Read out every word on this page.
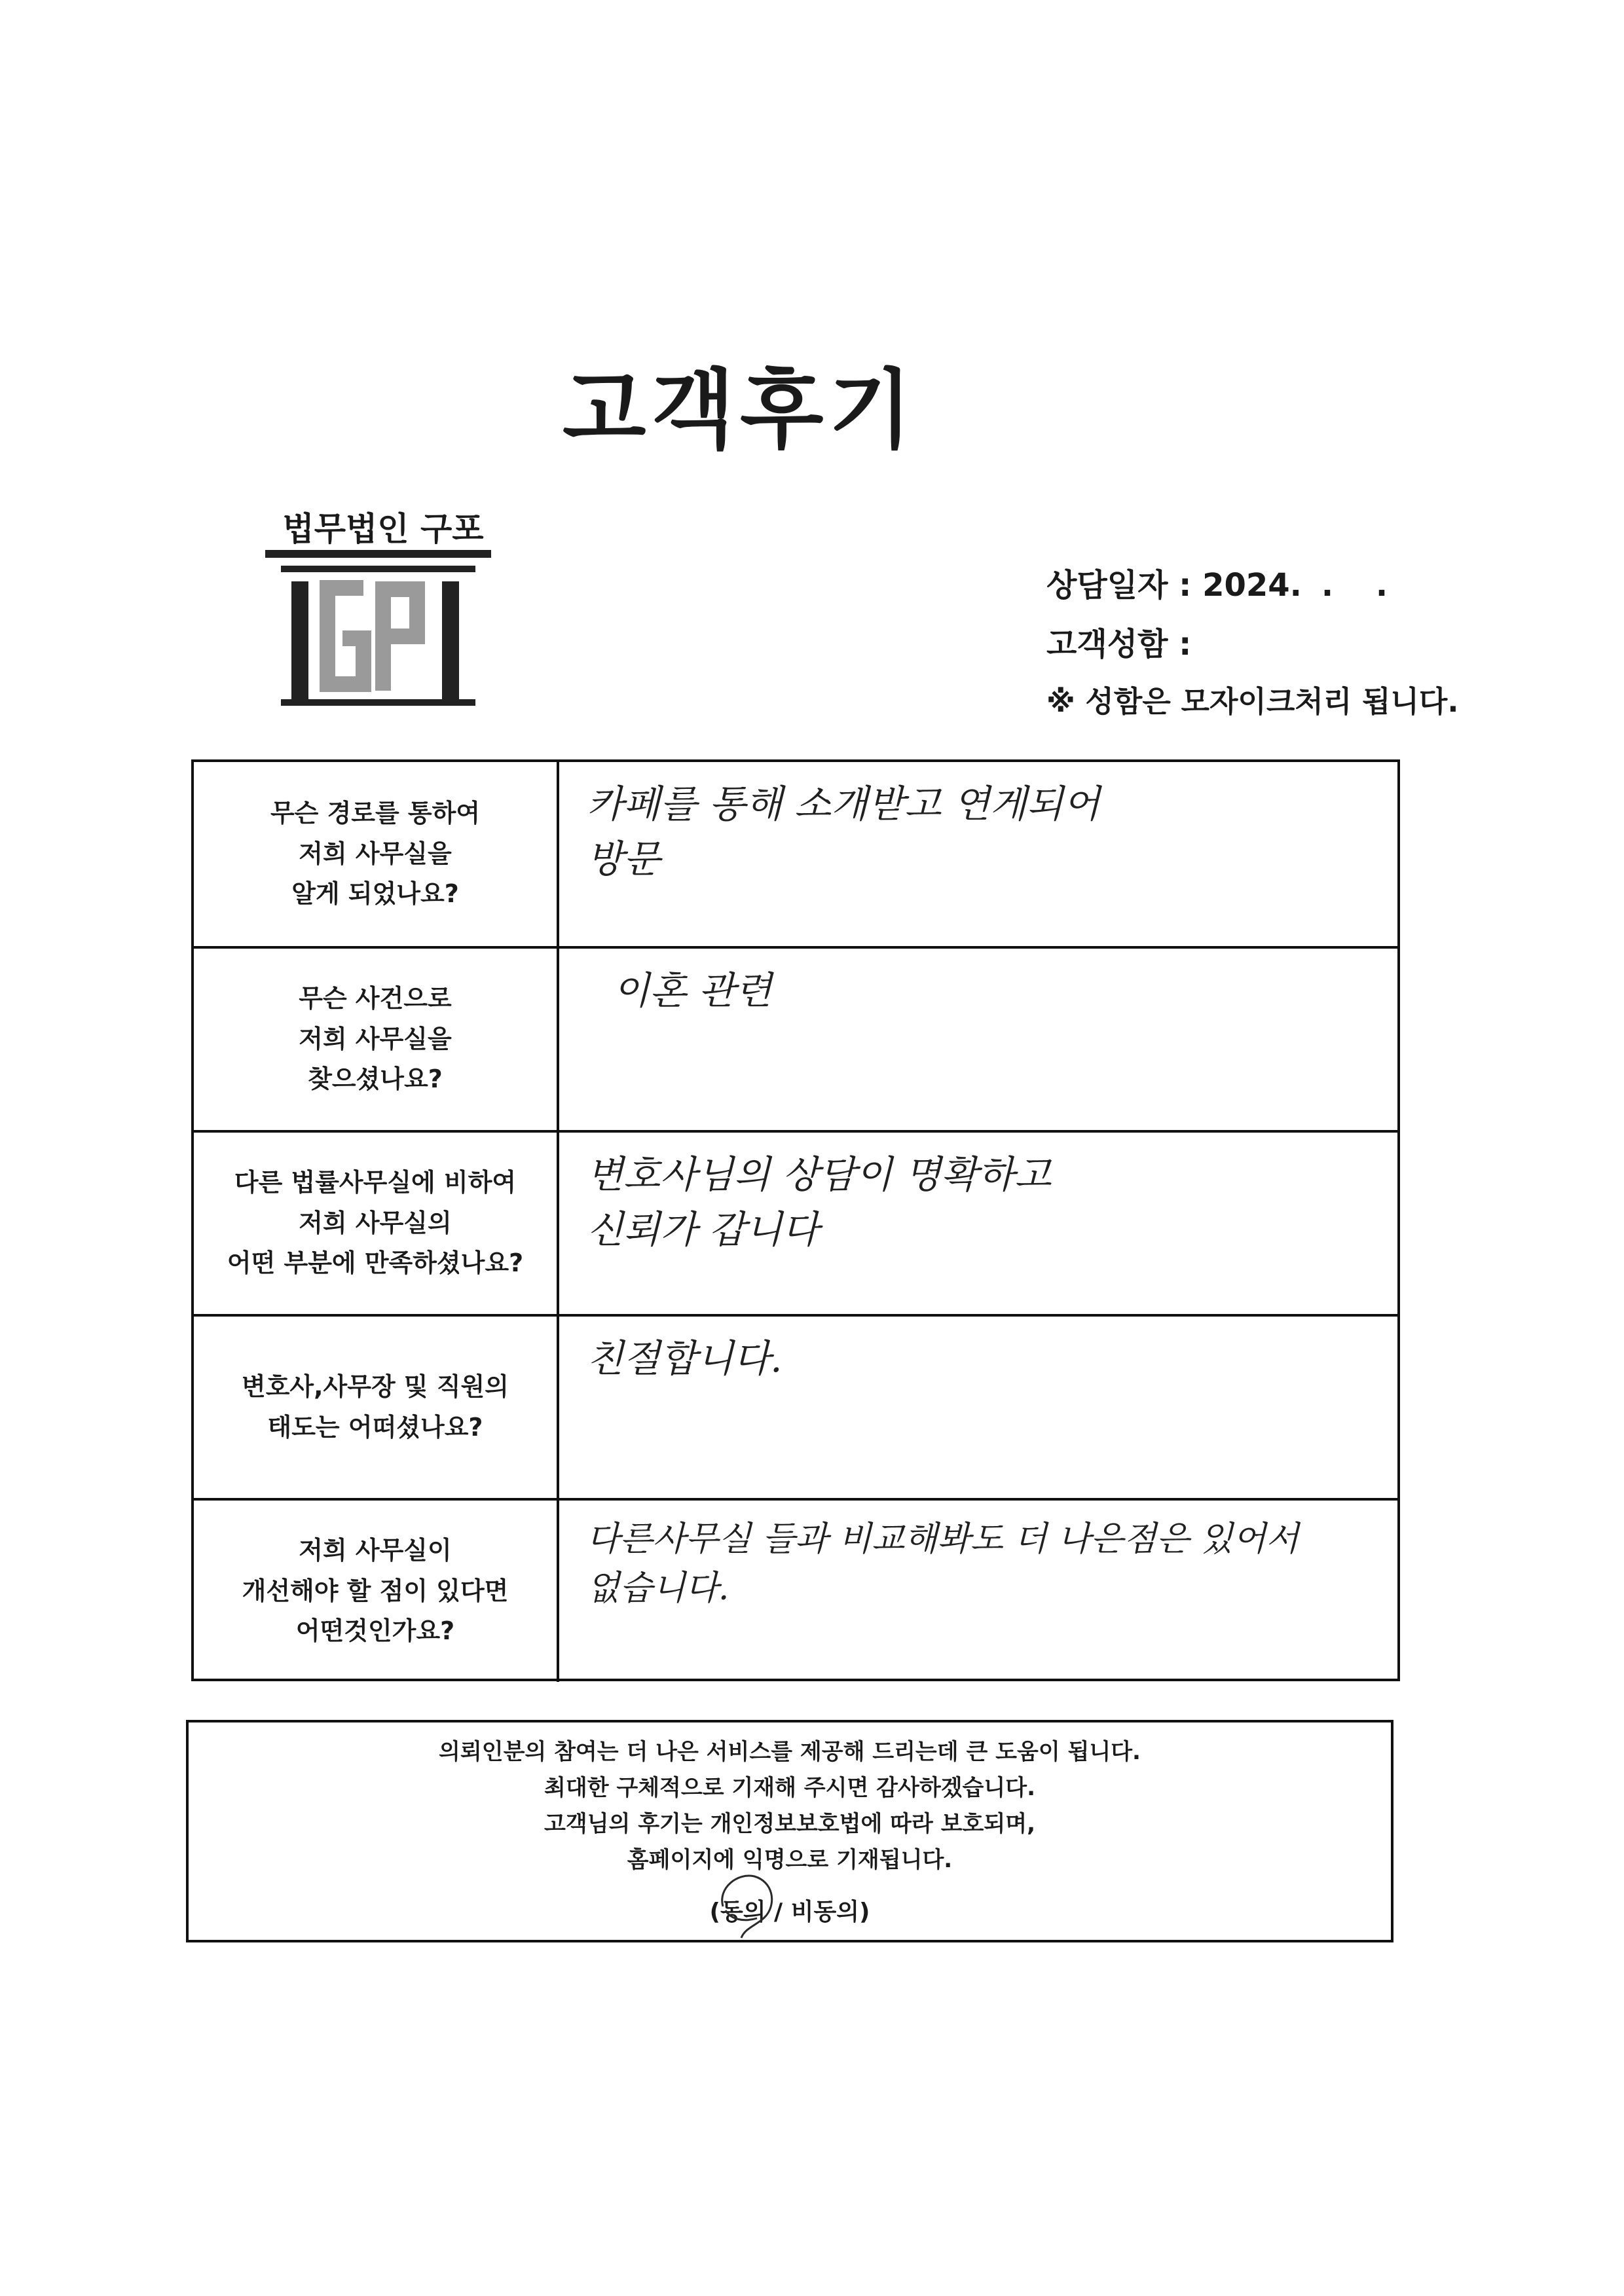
고객후기
법무법인 구포
상담일자 : 2024. . .
고객성함 :
※ 성함은 모자이크처리 됩니다.
무슨 경로를 통하여
저희 사무실을
알게 되었나요?
카페를 통해 소개받고 연게되어
방문
무슨 사건으로
저희 사무실을
찾으셨나요?
이혼 관련
다른 법률사무실에 비하여
저희 사무실의
어떤 부분에 만족하셨나요?
변호사님의 상담이 명확하고
신뢰가 갑니다
변호사,사무장 및 직원의
태도는 어떠셨나요?
친절합니다.
저희 사무실이
개선해야 할 점이 있다면
어떤것인가요?
다른사무실 들과 비교해봐도 더 나은점은 있어서
없습니다.
의뢰인분의 참여는 더 나은 서비스를 제공해 드리는데 큰 도움이 됩니다.
최대한 구체적으로 기재해 주시면 감사하겠습니다.
고객님의 후기는 개인정보보호법에 따라 보호되며,
홈페이지에 익명으로 기재됩니다.
(동의
/ 비동의)
